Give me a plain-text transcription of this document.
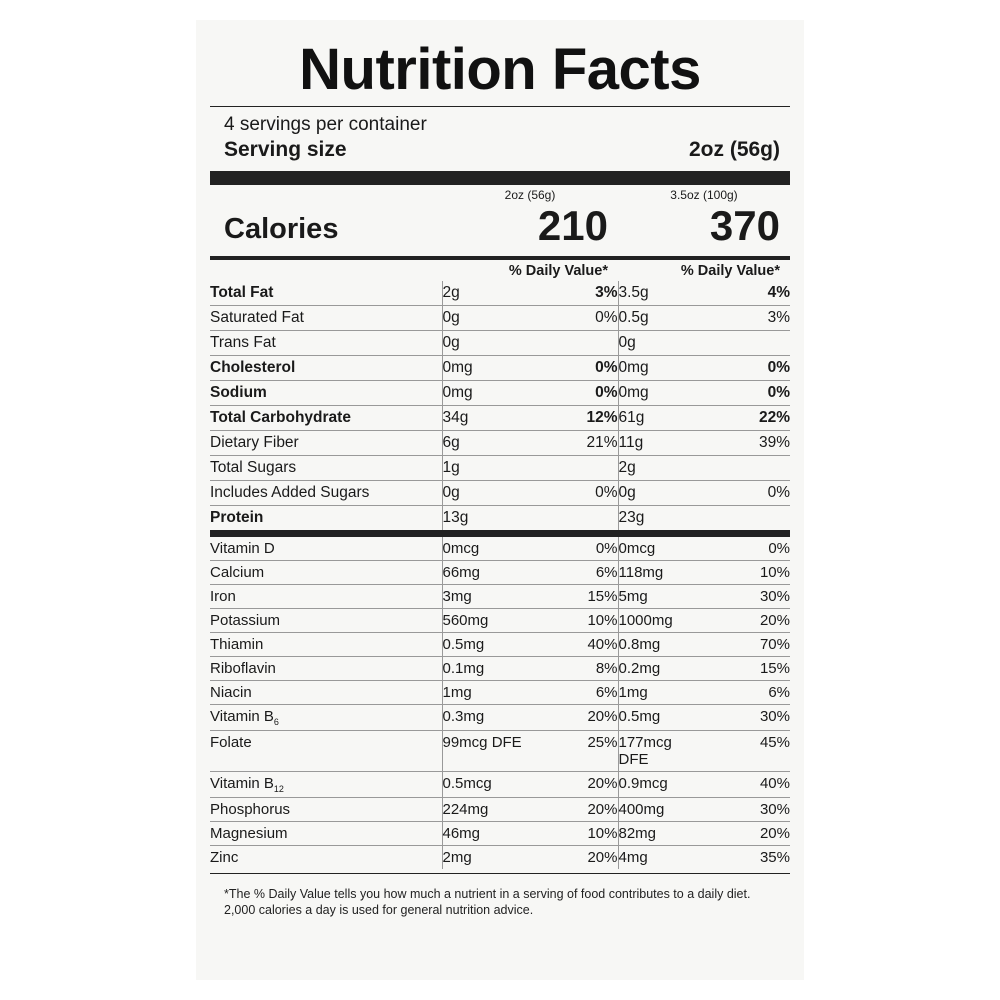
Nutrition Facts
4 servings per container
Serving size	2oz (56g)
2oz (56g)	3.5oz (100g)
Calories	210	370
% Daily Value*	% Daily Value*
Total Fat	2g	3%	3.5g	4%
Saturated Fat	0g	0%	0.5g	3%
Trans Fat	0g		0g	
Cholesterol	0mg	0%	0mg	0%
Sodium	0mg	0%	0mg	0%
Total Carbohydrate	34g	12%	61g	22%
Dietary Fiber	6g	21%	11g	39%
Total Sugars	1g		2g	
Includes Added Sugars	0g	0%	0g	0%
Protein	13g		23g	
Vitamin D	0mcg	0%	0mcg	0%
Calcium	66mg	6%	118mg	10%
Iron	3mg	15%	5mg	30%
Potassium	560mg	10%	1000mg	20%
Thiamin	0.5mg	40%	0.8mg	70%
Riboflavin	0.1mg	8%	0.2mg	15%
Niacin	1mg	6%	1mg	6%
Vitamin $B_6$	0.3mg	20%	0.5mg	30%
Folate	99mcg DFE	25%	177mcg DFE	45%
Vitamin $B_{12}$	0.5mcg	20%	0.9mcg	40%
Phosphorus	224mg	20%	400mg	30%
Magnesium	46mg	10%	82mg	20%
Zinc	2mg	20%	4mg	35%
*The % Daily Value tells you how much a nutrient in a serving of food contributes to a daily diet.
2,000 calories a day is used for general nutrition advice.
